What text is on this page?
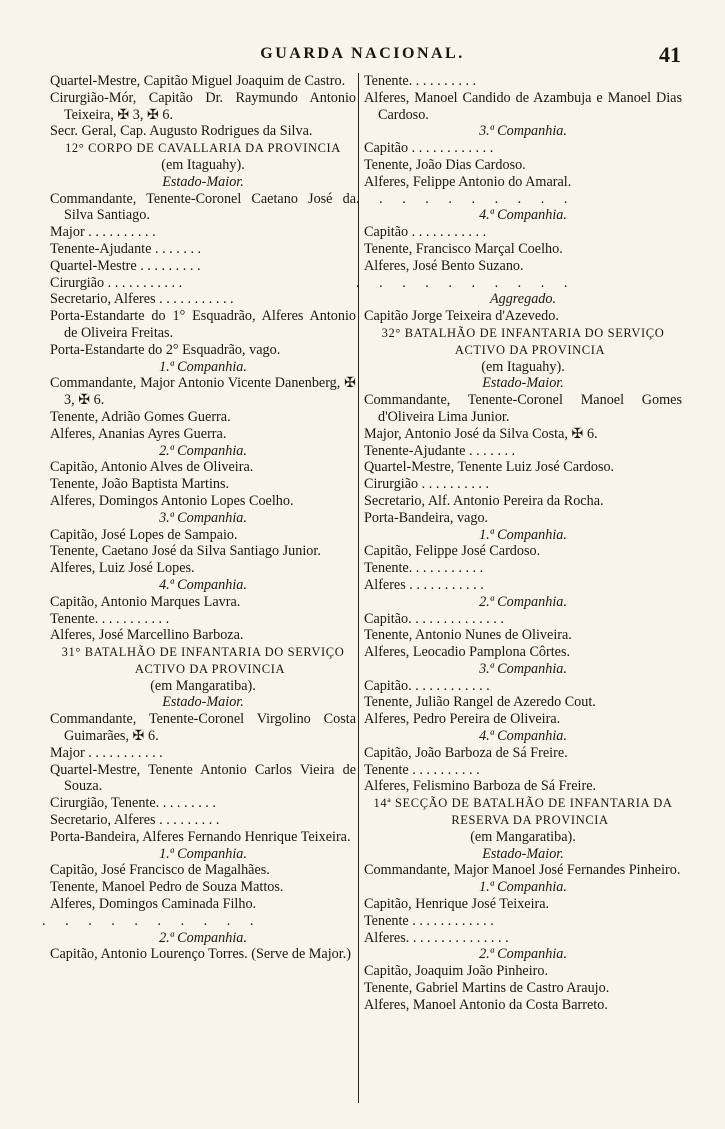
GUARDA NACIONAL.	41
Quartel-Mestre, Capitão Miguel Joaquim de Castro.
Cirurgião-Mór, Capitão Dr. Raymundo Antonio Teixeira, ✠ 3, ✠ 6.
Secr. Geral, Cap. Augusto Rodrigues da Silva.
12° CORPO DE CAVALLARIA DA PROVINCIA
(em Itaguahy).
Estado-Maior.
Commandante, Tenente-Coronel Caetano José da Silva Santiago.
Major . . . . . . . . . .
Tenente-Ajudante . . . . . . .
Quartel-Mestre . . . . . . . . .
Cirurgião . . . . . . . . . . .
Secretario, Alferes . . . . . . . . . . .
Porta-Estandarte do 1° Esquadrão, Alferes Antonio de Oliveira Freitas.
Porta-Estandarte do 2° Esquadrão, vago.
1.ª Companhia.
Commandante, Major Antonio Vicente Danenberg, ✠ 3, ✠ 6.
Tenente, Adrião Gomes Guerra.
Alferes, Ananias Ayres Guerra.
2.ª Companhia.
Capitão, Antonio Alves de Oliveira.
Tenente, João Baptista Martins.
Alferes, Domingos Antonio Lopes Coelho.
3.ª Companhia.
Capitão, José Lopes de Sampaio.
Tenente, Caetano José da Silva Santiago Junior.
Alferes, Luiz José Lopes.
4.ª Companhia.
Capitão, Antonio Marques Lavra.
Tenente. . . . . . . . . . .
Alferes, José Marcellino Barboza.
31° BATALHÃO DE INFANTARIA DO SERVIÇO ACTIVO DA PROVINCIA
(em Mangaratiba).
Estado-Maior.
Commandante, Tenente-Coronel Virgolino Costa Guimarães, ✠ 6.
Major . . . . . . . . . . .
Quartel-Mestre, Tenente Antonio Carlos Vieira de Souza.
Cirurgião, Tenente. . . . . . . . .
Secretario, Alferes . . . . . . . . .
Porta-Bandeira, Alferes Fernando Henrique Teixeira.
1.ª Companhia.
Capitão, José Francisco de Magalhães.
Tenente, Manoel Pedro de Souza Mattos.
Alferes, Domingos Caminada Filho.
. . . . . . . . . .
2.ª Companhia.
Capitão, Antonio Lourenço Torres. (Serve de Major.)
Tenente. . . . . . . . . .
Alferes, Manoel Candido de Azambuja e Manoel Dias Cardoso.
3.ª Companhia.
Capitão . . . . . . . . . . . .
Tenente, João Dias Cardoso.
Alferes, Felippe Antonio do Amaral.
. . . . . . . . . .
4.ª Companhia.
Capitão . . . . . . . . . . .
Tenente, Francisco Marçal Coelho.
Alferes, José Bento Suzano.
. . . . . . . . . .
Aggregado.
Capitão Jorge Teixeira d'Azevedo.
32° BATALHÃO DE INFANTARIA DO SERVIÇO ACTIVO DA PROVINCIA
(em Itaguahy).
Estado-Maior.
Commandante, Tenente-Coronel Manoel Gomes d'Oliveira Lima Junior.
Major, Antonio José da Silva Costa, ✠ 6.
Tenente-Ajudante . . . . . . .
Quartel-Mestre, Tenente Luiz José Cardoso.
Cirurgião . . . . . . . . . .
Secretario, Alf. Antonio Pereira da Rocha.
Porta-Bandeira, vago.
1.ª Companhia.
Capitão, Felippe José Cardoso.
Tenente. . . . . . . . . . .
Alferes . . . . . . . . . . .
2.ª Companhia.
Capitão. . . . . . . . . . . . . .
Tenente, Antonio Nunes de Oliveira.
Alferes, Leocadio Pamplona Côrtes.
3.ª Companhia.
Capitão. . . . . . . . . . . .
Tenente, Julião Rangel de Azeredo Cout.
Alferes, Pedro Pereira de Oliveira.
4.ª Companhia.
Capitão, João Barboza de Sá Freire.
Tenente . . . . . . . . . .
Alferes, Felismino Barboza de Sá Freire.
14ª SECÇÃO DE BATALHÃO DE INFANTARIA DA RESERVA DA PROVINCIA
(em Mangaratiba).
Estado-Maior.
Commandante, Major Manoel José Fernandes Pinheiro.
1.ª Companhia.
Capitão, Henrique José Teixeira.
Tenente . . . . . . . . . . . .
Alferes. . . . . . . . . . . . . . .
2.ª Companhia.
Capitão, Joaquim João Pinheiro.
Tenente, Gabriel Martins de Castro Araujo.
Alferes, Manoel Antonio da Costa Barreto.
